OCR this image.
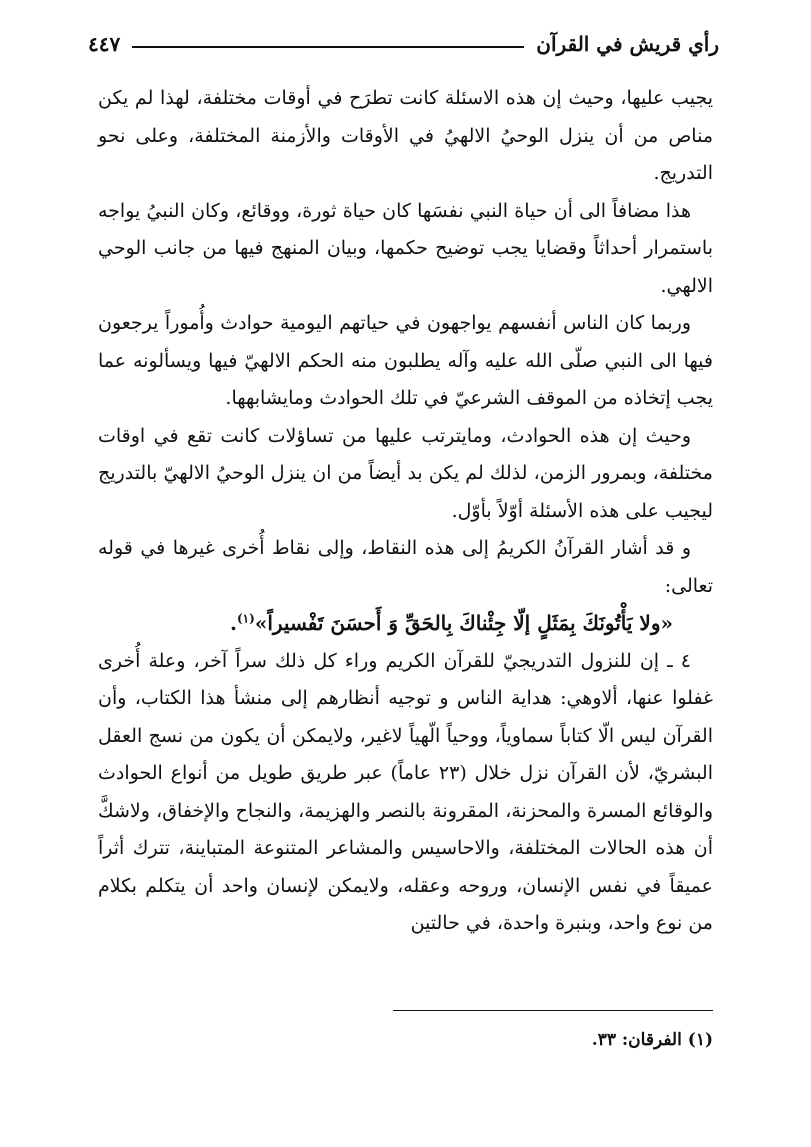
رأي قريش في القرآن
٤٤٧

يجيب عليها، وحيث إن هذه الاسئلة كانت تطرَح في أوقات مختلفة، لهذا لم يكن مناص من أن ينزل الوحيُ الالهيُ في الأوقات والأزمنة المختلفة، وعلى نحو التدريج.

هذا مضافاً الى أن حياة النبي نفسَها كان حياة ثورة، ووقائع، وكان النبيُ يواجه باستمرار أحداثاً وقضايا يجب توضيح حكمها، وبيان المنهج فيها من جانب الوحي الالهي.

وربما كان الناس أنفسهم يواجهون في حياتهم اليومية حوادث وأُموراً يرجعون فيها الى النبي صلّى الله عليه وآله يطلبون منه الحكم الالهيّ فيها ويسألونه عما يجب إتخاذه من الموقف الشرعيّ في تلك الحوادث ومايشابهها.

وحيث إن هذه الحوادث، ومايترتب عليها من تساؤلات كانت تقع في اوقات مختلفة، وبمرور الزمن، لذلك لم يكن بد أيضاً من ان ينزل الوحيُ الالهيّ بالتدريج ليجيب على هذه الأسئلة أوّلاً بأوّل.

و قد أشار القرآنُ الكريمُ إلى هذه النقاط، وإلى نقاط أُخرى غيرها في قوله تعالى:

«ولا يَأْتُونَكَ بِمَثَلٍ إلّا جِئْناكَ بِالحَقِّ وَ أَحسَنَ تَفْسيراً»$^{(١)}$.

٤ ـ إن للنزول التدريجيّ للقرآن الكريم وراء كل ذلك سراً آخر، وعلة أُخرى غفلوا عنها، ألاوهي: هداية الناس و توجيه أنظارهم إلى منشأ هذا الكتاب، وأن القرآن ليس الّا كتاباً سماوياً، ووحياً الّهياً لاغير، ولايمكن أن يكون من نسج العقل البشريّ، لأن القرآن نزل خلال (٢٣ عاماً) عبر طريق طويل من أنواع الحوادث والوقائع المسرة والمحزنة، المقرونة بالنصر والهزيمة، والنجاح والإخفاق، ولاشكَّ أن هذه الحالات المختلفة، والاحاسيس والمشاعر المتنوعة المتباينة، تترك أثراً عميقاً في نفس الإنسان، وروحه وعقله، ولايمكن لإنسان واحد أن يتكلم بكلام من نوع واحد، وبنبرة واحدة، في حالتين

(١) الفرقان: ٣٣.
